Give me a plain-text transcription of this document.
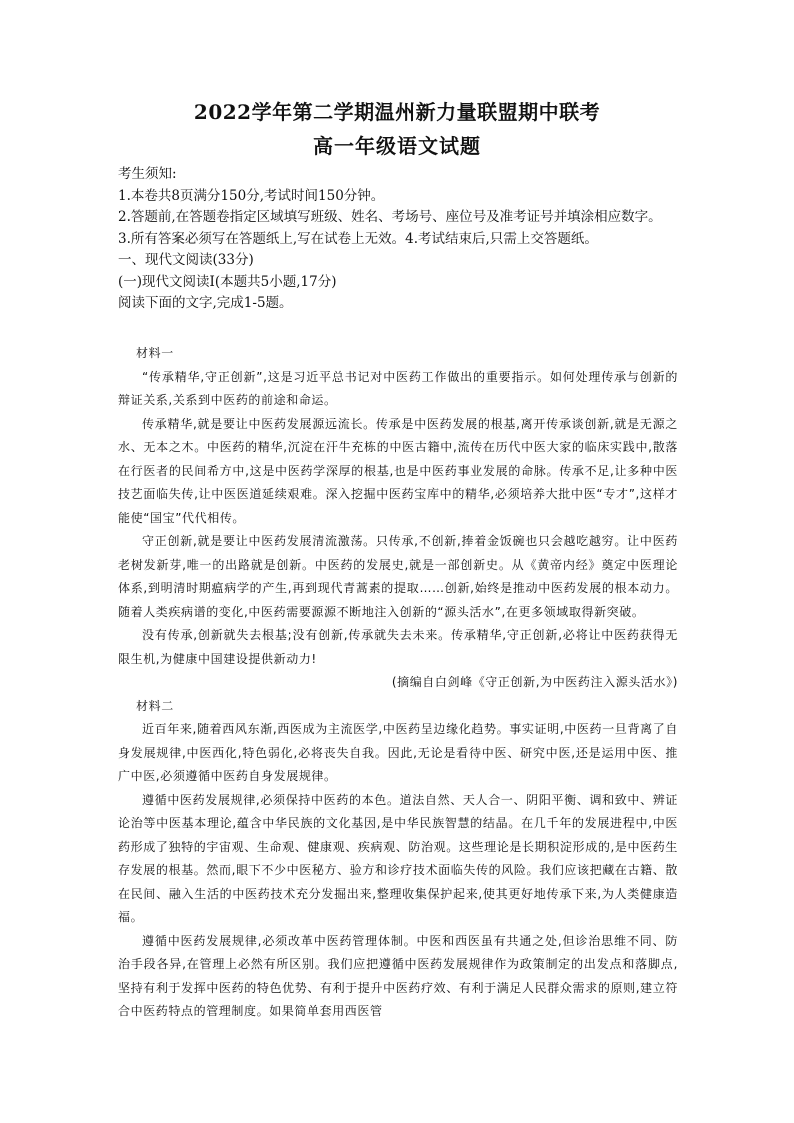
2022学年第二学期温州新力量联盟期中联考
高一年级语文试题

考生须知:

1.本卷共8页满分150分,考试时间150分钟。

2.答题前,在答题卷指定区域填写班级、姓名、考场号、座位号及准考证号并填涂相应数字。

3.所有答案必须写在答题纸上,写在试卷上无效。4.考试结束后,只需上交答题纸。

一、现代文阅读(33分)

(一)现代文阅读Ⅰ(本题共5小题,17分)

阅读下面的文字,完成1-5题。

材料一

“传承精华,守正创新”,这是习近平总书记对中医药工作做出的重要指示。如何处理传承与创新的辩证关系,关系到中医药的前途和命运。

传承精华,就是要让中医药发展源远流长。传承是中医药发展的根基,离开传承谈创新,就是无源之水、无本之木。中医药的精华,沉淀在汗牛充栋的中医古籍中,流传在历代中医大家的临床实践中,散落在行医者的民间希方中,这是中医药学深厚的根基,也是中医药事业发展的命脉。传承不足,让多种中医技艺面临失传,让中医医道延续艰难。深入挖掘中医药宝库中的精华,必须培养大批中医“专才”,这样才能使“国宝”代代相传。

守正创新,就是要让中医药发展清流激荡。只传承,不创新,捧着金饭碗也只会越吃越穷。让中医药老树发新芽,唯一的出路就是创新。中医药的发展史,就是一部创新史。从《黄帝内经》奠定中医理论体系,到明清时期瘟病学的产生,再到现代青蒿素的提取……创新,始终是推动中医药发展的根本动力。随着人类疾病谱的变化,中医药需要源源不断地注入创新的“源头活水”,在更多领域取得新突破。

没有传承,创新就失去根基;没有创新,传承就失去未来。传承精华,守正创新,必将让中医药获得无限生机,为健康中国建设提供新动力!

(摘编自白剑峰《守正创新,为中医药注入源头活水》)

材料二

近百年来,随着西风东渐,西医成为主流医学,中医药呈边缘化趋势。事实证明,中医药一旦背离了自身发展规律,中医西化,特色弱化,必将丧失自我。因此,无论是看待中医、研究中医,还是运用中医、推广中医,必须遵循中医药自身发展规律。

遵循中医药发展规律,必须保持中医药的本色。道法自然、天人合一、阴阳平衡、调和致中、辨证论治等中医基本理论,蕴含中华民族的文化基因,是中华民族智慧的结晶。在几千年的发展进程中,中医药形成了独特的宇宙观、生命观、健康观、疾病观、防治观。这些理论是长期积淀形成的,是中医药生存发展的根基。然而,眼下不少中医秘方、验方和诊疗技术面临失传的风险。我们应该把藏在古籍、散在民间、融入生活的中医药技术充分发掘出来,整理收集保护起来,使其更好地传承下来,为人类健康造福。

遵循中医药发展规律,必须改革中医药管理体制。中医和西医虽有共通之处,但诊治思维不同、防治手段各异,在管理上必然有所区别。我们应把遵循中医药发展规律作为政策制定的出发点和落脚点,坚持有利于发挥中医药的特色优势、有利于提升中医药疗效、有利于满足人民群众需求的原则,建立符合中医药特点的管理制度。如果简单套用西医管
